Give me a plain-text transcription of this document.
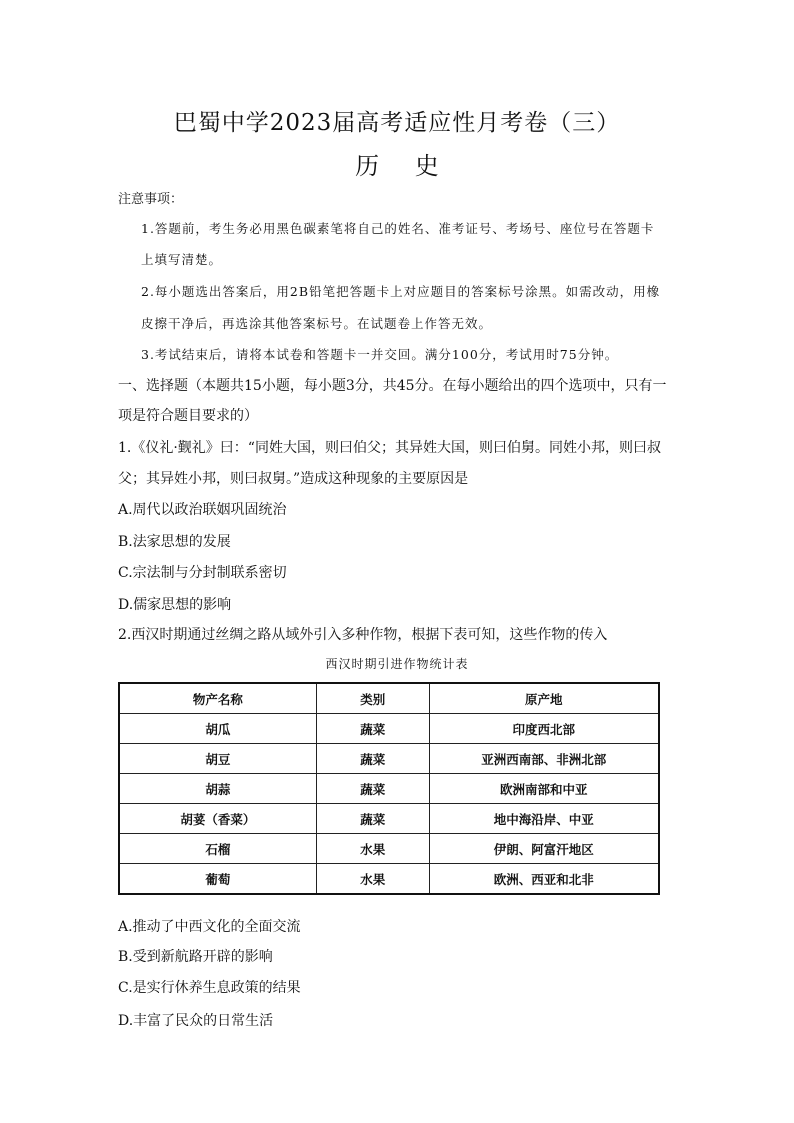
巴蜀中学2023届高考适应性月考卷（三）
历 史
注意事项：
1.答题前，考生务必用黑色碳素笔将自己的姓名、准考证号、考场号、座位号在答题卡
上填写清楚。
2.每小题选出答案后，用2B铅笔把答题卡上对应题目的答案标号涂黑。如需改动，用橡
皮擦干净后，再选涂其他答案标号。在试题卷上作答无效。
3.考试结束后，请将本试卷和答题卡一并交回。满分100分，考试用时75分钟。
一、选择题（本题共15小题，每小题3分，共45分。在每小题给出的四个选项中，只有一
项是符合题目要求的）
1.《仪礼·觐礼》曰：“同姓大国，则曰伯父；其异姓大国，则曰伯舅。同姓小邦，则曰叔
父；其异姓小邦，则曰叔舅。”造成这种现象的主要原因是
A.周代以政治联姻巩固统治
B.法家思想的发展
C.宗法制与分封制联系密切
D.儒家思想的影响
2.西汉时期通过丝绸之路从域外引入多种作物，根据下表可知，这些作物的传入
西汉时期引进作物统计表
物产名称	类别	原产地
胡瓜	蔬菜	印度西北部
胡豆	蔬菜	亚洲西南部、非洲北部
胡蒜	蔬菜	欧洲南部和中亚
胡荽（香菜）	蔬菜	地中海沿岸、中亚
石榴	水果	伊朗、阿富汗地区
葡萄	水果	欧洲、西亚和北非
A.推动了中西文化的全面交流
B.受到新航路开辟的影响
C.是实行休养生息政策的结果
D.丰富了民众的日常生活
